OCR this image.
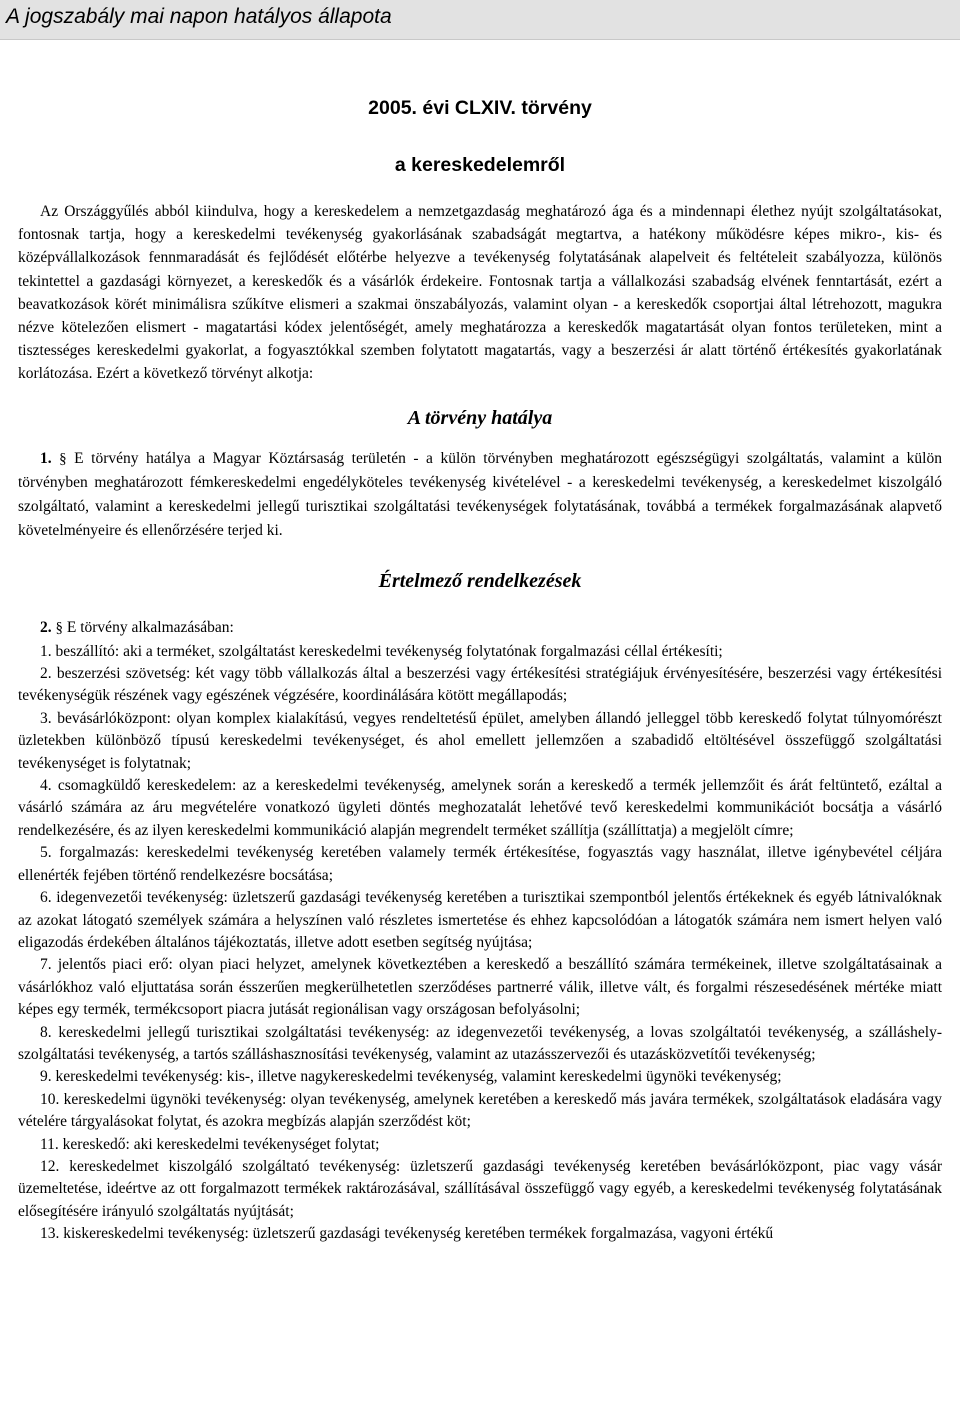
A jogszabály mai napon hatályos állapota
2005. évi CLXIV. törvény
a kereskedelemről

Az Országgyűlés abból kiindulva, hogy a kereskedelem a nemzetgazdaság meghatározó ága és a mindennapi élethez nyújt szolgáltatásokat, fontosnak tartja, hogy a kereskedelmi tevékenység gyakorlásának szabadságát megtartva, a hatékony működésre képes mikro-, kis- és középvállalkozások fennmaradását és fejlődését előtérbe helyezve a tevékenység folytatásának alapelveit és feltételeit szabályozza, különös tekintettel a gazdasági környezet, a kereskedők és a vásárlók érdekeire. Fontosnak tartja a vállalkozási szabadság elvének fenntartását, ezért a beavatkozások körét minimálisra szűkítve elismeri a szakmai önszabályozás, valamint olyan - a kereskedők csoportjai által létrehozott, magukra nézve kötelezően elismert - magatartási kódex jelentőségét, amely meghatározza a kereskedők magatartását olyan fontos területeken, mint a tisztességes kereskedelmi gyakorlat, a fogyasztókkal szemben folytatott magatartás, vagy a beszerzési ár alatt történő értékesítés gyakorlatának korlátozása. Ezért a következő törvényt alkotja:

A törvény hatálya

1. § E törvény hatálya a Magyar Köztársaság területén - a külön törvényben meghatározott egészségügyi szolgáltatás, valamint a külön törvényben meghatározott fémkereskedelmi engedélyköteles tevékenység kivételével - a kereskedelmi tevékenység, a kereskedelmet kiszolgáló szolgáltató, valamint a kereskedelmi jellegű turisztikai szolgáltatási tevékenységek folytatásának, továbbá a termékek forgalmazásának alapvető követelményeire és ellenőrzésére terjed ki.

Értelmező rendelkezések

2. § E törvény alkalmazásában:

1. beszállító: aki a terméket, szolgáltatást kereskedelmi tevékenység folytatónak forgalmazási céllal értékesíti;

2. beszerzési szövetség: két vagy több vállalkozás által a beszerzési vagy értékesítési stratégiájuk érvényesítésére, beszerzési vagy értékesítési tevékenységük részének vagy egészének végzésére, koordinálására kötött megállapodás;

3. bevásárlóközpont: olyan komplex kialakítású, vegyes rendeltetésű épület, amelyben állandó jelleggel több kereskedő folytat túlnyomórészt üzletekben különböző típusú kereskedelmi tevékenységet, és ahol emellett jellemzően a szabadidő eltöltésével összefüggő szolgáltatási tevékenységet is folytatnak;

4. csomagküldő kereskedelem: az a kereskedelmi tevékenység, amelynek során a kereskedő a termék jellemzőit és árát feltüntető, ezáltal a vásárló számára az áru megvételére vonatkozó ügyleti döntés meghozatalát lehetővé tevő kereskedelmi kommunikációt bocsátja a vásárló rendelkezésére, és az ilyen kereskedelmi kommunikáció alapján megrendelt terméket szállítja (szállíttatja) a megjelölt címre;

5. forgalmazás: kereskedelmi tevékenység keretében valamely termék értékesítése, fogyasztás vagy használat, illetve igénybevétel céljára ellenérték fejében történő rendelkezésre bocsátása;

6. idegenvezetői tevékenység: üzletszerű gazdasági tevékenység keretében a turisztikai szempontból jelentős értékeknek és egyéb látnivalóknak az azokat látogató személyek számára a helyszínen való részletes ismertetése és ehhez kapcsolódóan a látogatók számára nem ismert helyen való eligazodás érdekében általános tájékoztatás, illetve adott esetben segítség nyújtása;

7. jelentős piaci erő: olyan piaci helyzet, amelynek következtében a kereskedő a beszállító számára termékeinek, illetve szolgáltatásainak a vásárlókhoz való eljuttatása során ésszerűen megkerülhetetlen szerződéses partnerré válik, illetve vált, és forgalmi részesedésének mértéke miatt képes egy termék, termékcsoport piacra jutását regionálisan vagy országosan befolyásolni;

8. kereskedelmi jellegű turisztikai szolgáltatási tevékenység: az idegenvezetői tevékenység, a lovas szolgáltatói tevékenység, a szálláshely-szolgáltatási tevékenység, a tartós szálláshasznosítási tevékenység, valamint az utazásszervezői és utazásközvetítői tevékenység;

9. kereskedelmi tevékenység: kis-, illetve nagykereskedelmi tevékenység, valamint kereskedelmi ügynöki tevékenység;

10. kereskedelmi ügynöki tevékenység: olyan tevékenység, amelynek keretében a kereskedő más javára termékek, szolgáltatások eladására vagy vételére tárgyalásokat folytat, és azokra megbízás alapján szerződést köt;

11. kereskedő: aki kereskedelmi tevékenységet folytat;

12. kereskedelmet kiszolgáló szolgáltató tevékenység: üzletszerű gazdasági tevékenység keretében bevásárlóközpont, piac vagy vásár üzemeltetése, ideértve az ott forgalmazott termékek raktározásával, szállításával összefüggő vagy egyéb, a kereskedelmi tevékenység folytatásának elősegítésére irányuló szolgáltatás nyújtását;

13. kiskereskedelmi tevékenység: üzletszerű gazdasági tevékenység keretében termékek forgalmazása, vagyoni értékű
